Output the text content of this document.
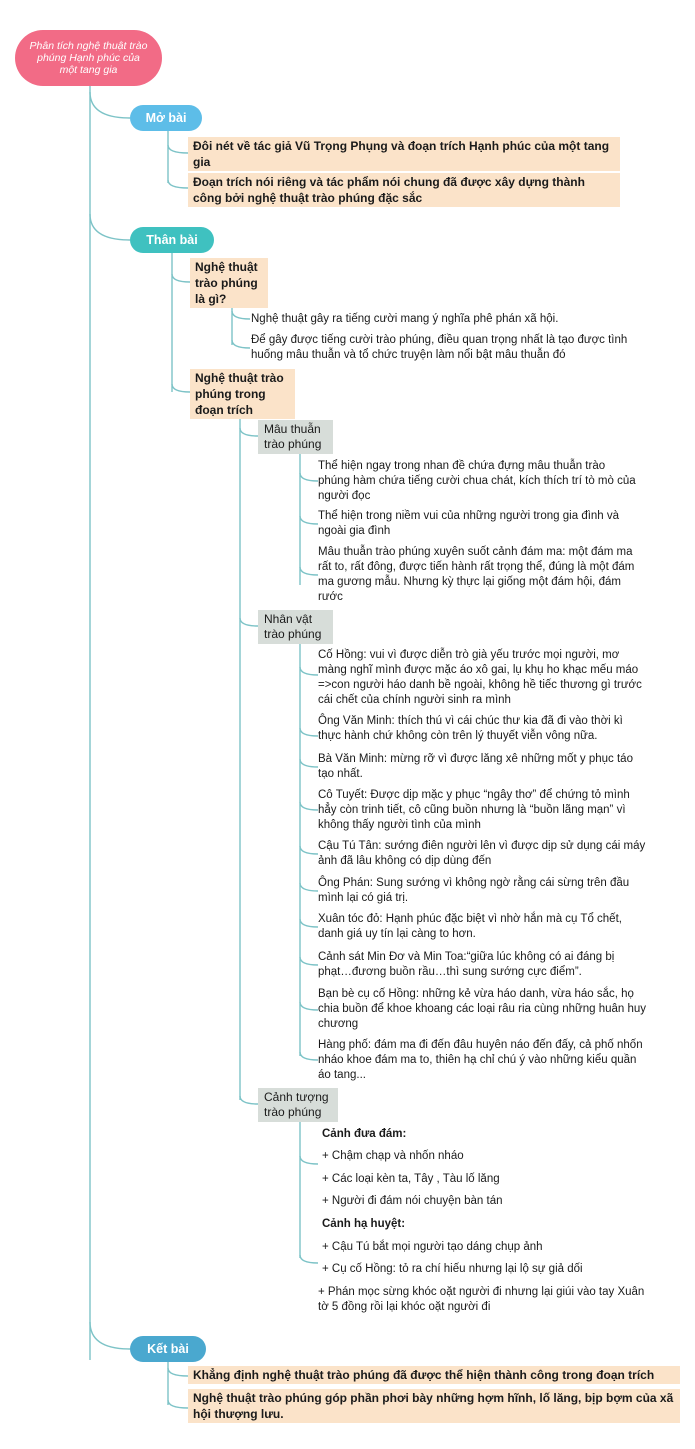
Phân tích nghệ thuật trào phúng Hạnh phúc của một tang gia
Mở bài
Đôi nét về tác giả Vũ Trọng Phụng và đoạn trích Hạnh phúc của một tang gia
Đoạn trích nói riêng và tác phẩm nói chung đã được xây dựng thành công bởi nghệ thuật trào phúng đặc sắc
Thân bài
Nghệ thuật trào phúng là gì?
Nghệ thuật gây ra tiếng cười mang ý nghĩa phê phán xã hội.
Để gây được tiếng cười trào phúng, điều quan trọng nhất là tạo được tình huống mâu thuẫn và tổ chức truyện làm nổi bật mâu thuẫn đó
Nghệ thuật trào phúng trong đoạn trích
Mâu thuẫn trào phúng
Thể hiện ngay trong nhan đề chứa đựng mâu thuẫn trào phúng hàm chứa tiếng cười chua chát, kích thích trí tò mò của người đọc
Thể hiện trong niềm vui của những người trong gia đình và ngoài gia đình
Mâu thuẫn trào phúng xuyên suốt cảnh đám ma: một đám ma rất to, rất đông, được tiến hành rất trọng thể, đúng là một đám ma gương mẫu. Nhưng kỳ thực lại giống một đám hội, đám rước
Nhân vật trào phúng
Cố Hồng: vui vì được diễn trò già yếu trước mọi người, mơ màng nghĩ mình được mặc áo xô gai, lụ khụ ho khạc mếu máo =>con người háo danh bề ngoài, không hề tiếc thương gì trước cái chết của chính người sinh ra mình
Ông Văn Minh: thích thú vì cái chúc thư kia đã đi vào thời kì thực hành chứ không còn trên lý thuyết viễn vông nữa.
Bà Văn Minh: mừng rỡ vì được lăng xê những mốt y phục táo tạo nhất.
Cô Tuyết: Được dịp mặc y phục “ngây thơ” để chứng tỏ mình hẳy còn trinh tiết, cô cũng buồn nhưng là “buồn lãng mạn” vì không thấy người tình của mình
Cậu Tú Tân: sướng điên người lên vì được dịp sử dụng cái máy ảnh đã lâu không có dịp dùng đến
Ông Phán: Sung sướng vì không ngờ rằng cái sừng trên đầu mình lại có giá trị.
Xuân tóc đỏ: Hạnh phúc đặc biệt vì nhờ hắn mà cụ Tổ chết, danh giá uy tín lại càng to hơn.
Cảnh sát Min Đơ và Min Toa:“giữa lúc không có ai đáng bị phạt…đương buồn rầu…thì sung sướng cực điểm”.
Bạn bè cụ cố Hồng: những kẻ vừa háo danh, vừa háo sắc, họ chia buồn để khoe khoang các loại râu ria cùng những huân huy chương
Hàng phố: đám ma đi đến đâu huyên náo đến đấy, cả phố nhốn nháo khoe đám ma to, thiên hạ chỉ chú ý vào những kiểu quần áo tang...
Cảnh tượng trào phúng
Cảnh đưa đám:
+ Chậm chạp và nhốn nháo
+ Các loại kèn ta, Tây , Tàu lố lăng
+ Người đi đám nói chuyện bàn tán
Cảnh hạ huyệt:
+ Cậu Tú bắt mọi người tạo dáng chụp ảnh
+ Cụ cố Hồng: tỏ ra chí hiếu nhưng lại lộ sự giả dối
+ Phán mọc sừng khóc oặt người đi nhưng lại giúi vào tay Xuân tờ 5 đồng rồi lại khóc oặt người đi
Kết bài
Khẳng định nghệ thuật trào phúng đã được thể hiện thành công trong đoạn trích
Nghệ thuật trào phúng góp phần phơi bày những hợm hĩnh, lố lăng, bịp bợm của xã hội thượng lưu.
